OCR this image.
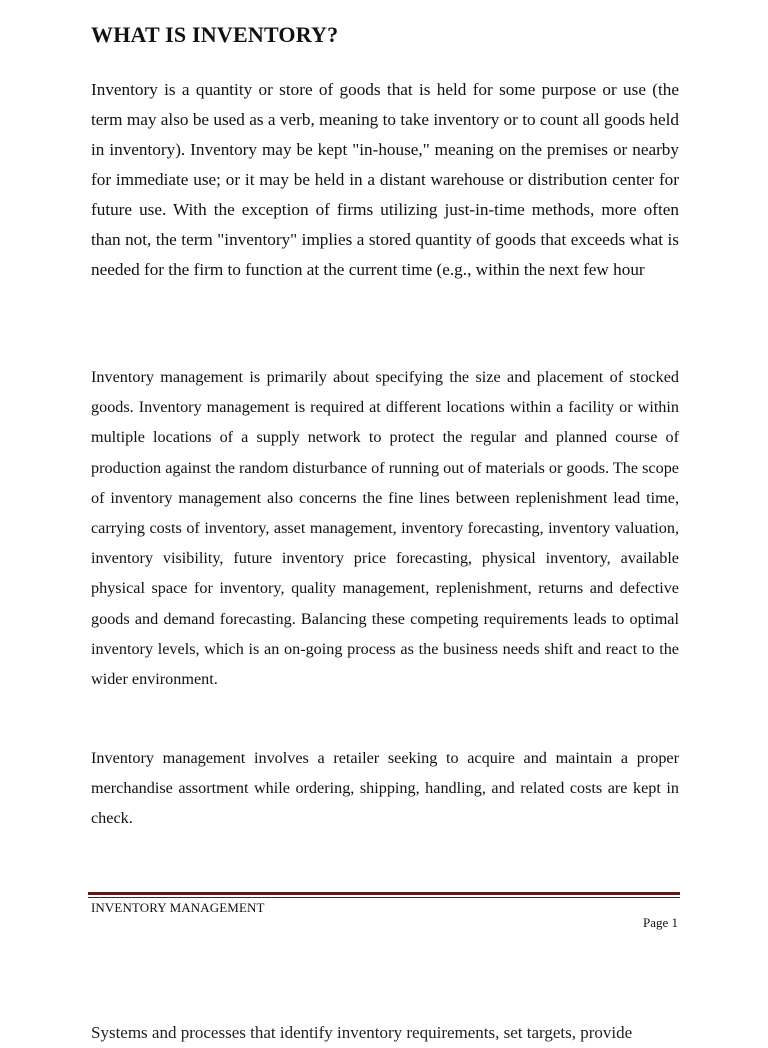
WHAT IS INVENTORY?

Inventory is a quantity or store of goods that is held for some purpose or use (the term may also be used as a verb, meaning to take inventory or to count all goods held in inventory). Inventory may be kept "in-house," meaning on the premises or nearby for immediate use; or it may be held in a distant warehouse or distribution center for future use. With the exception of firms utilizing just-in-time methods, more often than not, the term "inventory" implies a stored quantity of goods that exceeds what is needed for the firm to function at the current time (e.g., within the next few hour

Inventory management is primarily about specifying the size and placement of stocked goods. Inventory management is required at different locations within a facility or within multiple locations of a supply network to protect the regular and planned course of production against the random disturbance of running out of materials or goods. The scope of inventory management also concerns the fine lines between replenishment lead time, carrying costs of inventory, asset management, inventory forecasting, inventory valuation, inventory visibility, future inventory price forecasting, physical inventory, available physical space for inventory, quality management, replenishment, returns and defective goods and demand forecasting. Balancing these competing requirements leads to optimal inventory levels, which is an on-going process as the business needs shift and react to the wider environment.

Inventory management involves a retailer seeking to acquire and maintain a proper merchandise assortment while ordering, shipping, handling, and related costs are kept in check.

INVENTORY MANAGEMENT
Page 1
Systems and processes that identify inventory requirements, set targets, provide
